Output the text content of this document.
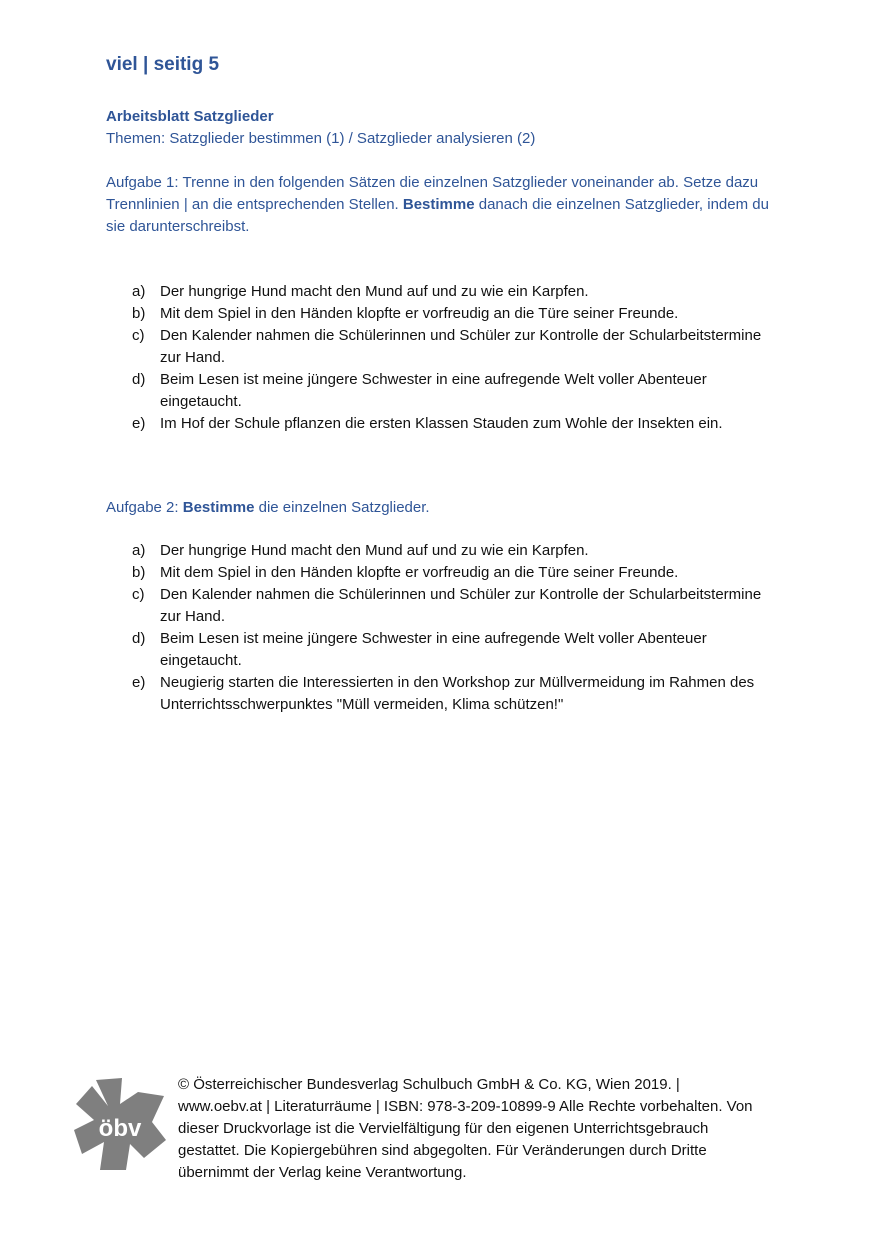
viel | seitig 5
Arbeitsblatt Satzglieder
Themen: Satzglieder bestimmen (1) / Satzglieder analysieren (2)
Aufgabe 1: Trenne in den folgenden Sätzen die einzelnen Satzglieder voneinander ab. Setze dazu Trennlinien | an die entsprechenden Stellen. Bestimme danach die einzelnen Satzglieder, indem du sie darunterschreibst.
a) Der hungrige Hund macht den Mund auf und zu wie ein Karpfen.
b) Mit dem Spiel in den Händen klopfte er vorfreudig an die Türe seiner Freunde.
c) Den Kalender nahmen die Schülerinnen und Schüler zur Kontrolle der Schularbeitstermine zur Hand.
d) Beim Lesen ist meine jüngere Schwester in eine aufregende Welt voller Abenteuer eingetaucht.
e) Im Hof der Schule pflanzen die ersten Klassen Stauden zum Wohle der Insekten ein.
Aufgabe 2: Bestimme die einzelnen Satzglieder.
a) Der hungrige Hund macht den Mund auf und zu wie ein Karpfen.
b) Mit dem Spiel in den Händen klopfte er vorfreudig an die Türe seiner Freunde.
c) Den Kalender nahmen die Schülerinnen und Schüler zur Kontrolle der Schularbeitstermine zur Hand.
d) Beim Lesen ist meine jüngere Schwester in eine aufregende Welt voller Abenteuer eingetaucht.
e) Neugierig starten die Interessierten in den Workshop zur Müllvermeidung im Rahmen des Unterrichtsschwerpunktes "Müll vermeiden, Klima schützen!"
öbv
© Österreichischer Bundesverlag Schulbuch GmbH & Co. KG, Wien 2019. | www.oebv.at | Literaturräume | ISBN: 978-3-209-10899-9 Alle Rechte vorbehalten. Von dieser Druckvorlage ist die Vervielfältigung für den eigenen Unterrichtsgebrauch gestattet. Die Kopiergebühren sind abgegolten. Für Veränderungen durch Dritte übernimmt der Verlag keine Verantwortung.
